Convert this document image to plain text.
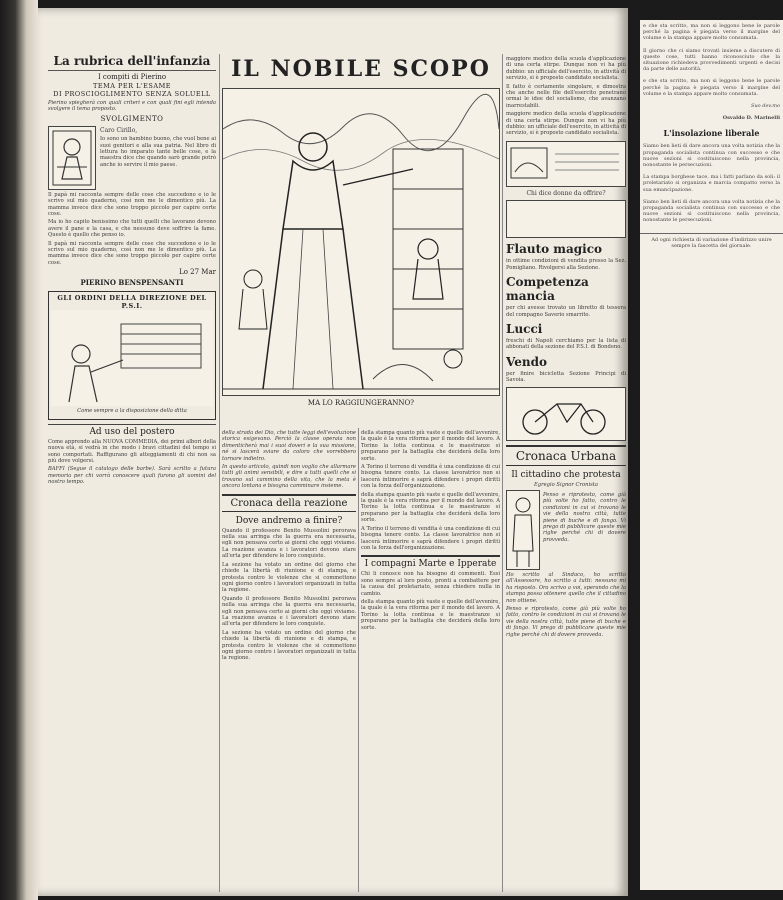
La rubrica dell'infanzia
I compiti di Pierino
TEMA PER L'ESAME
DI PROSCIOGLIMENTO SENZA SOLUELL

Pierino spiegherà con quali criteri e con quali fini egli intenda svolgere il tema proposto.

SVOLGIMENTO
Caro Cirillo,

Io sono un bambino buono, che vuol bene ai suoi genitori e alla sua patria. Nel libro di lettura ho imparato tante belle cose, e la maestra dice che quando sarò grande potrò anche io servire il mio paese.

Il papà mi racconta sempre delle cose che succedono e io le scrivo sul mio quaderno, così non me le dimentico più. La mamma invece dice che sono troppo piccolo per capire certe cose.

Ma io ho capito benissimo che tutti quelli che lavorano devono avere il pane e la casa, e che nessuno deve soffrire la fame. Questo è quello che penso io.

Il papà mi racconta sempre delle cose che succedono e io le scrivo sul mio quaderno, così non me le dimentico più. La mamma invece dice che sono troppo piccolo per capire certe cose.

Lo 27 Mar
PIERINO BENSPENSANTI
GLI ORDINI DELLA DIREZIONE DEL P.S.I.
Come sempre a la disposizione della ditta
Ad uso del postero

Come apprendo alla NUOVA COMMEDIA, dei primi albori della nuova età, si vedrà in che modo i bravi cittadini del tempo si sono comportati. Raffigurano gli atteggiamenti di chi non sa più dove volgersi.

BAFFI (Segue il catalogo delle barbe). Sarà scritto a futura memoria per chi vorrà conoscere quali furono gli uomini del nostro tempo.

IL NOBILE SCOPO
MA LO RAGGIUNGERANNO?

della strada dei Dio, che tutte leggi dell'evoluzione storica esigevano. Perciò la classe operaia non dimenticherà mai i suoi doveri e la sua missione, né si lascerà sviare da coloro che vorrebbero tornare indietro.

In questo articolo, quindi non voglio che allarmare tutti gli animi sensibili, e dire a tutti quelli che si trovano sul cammino della vita, che la meta è ancora lontana e bisogna camminare insieme.

Cronaca della reazione
Dove andremo a finire?

Quando il professore Benito Mussolini perorava nella sua arringa che la guerra era necessaria, egli non pensava certo ai giorni che oggi viviamo. La reazione avanza e i lavoratori devono stare all'erta per difendere le loro conquiste.

La sezione ha votato un ordine del giorno che chiede la libertà di riunione e di stampa, e protesta contro le violenze che si commettono ogni giorno contro i lavoratori organizzati in tutta la regione.

Quando il professore Benito Mussolini perorava nella sua arringa che la guerra era necessaria, egli non pensava certo ai giorni che oggi viviamo. La reazione avanza e i lavoratori devono stare all'erta per difendere le loro conquiste.

La sezione ha votato un ordine del giorno che chiede la libertà di riunione e di stampa, e protesta contro le violenze che si commettono ogni giorno contro i lavoratori organizzati in tutta la regione.

della stampa quanto più vaste e quelle dell'avvenire, la quale è la vera riforma per il mondo del lavoro. A Torino la lotta continua e le maestranze si preparano per la battaglia che deciderà della loro sorte.

A Torino il terreno di vendita è una condizione di cui bisogna tenere conto. La classe lavoratrice non si lascerà intimorire e saprà difendere i propri diritti con la forza dell'organizzazione.

della stampa quanto più vaste e quelle dell'avvenire, la quale è la vera riforma per il mondo del lavoro. A Torino la lotta continua e le maestranze si preparano per la battaglia che deciderà della loro sorte.

A Torino il terreno di vendita è una condizione di cui bisogna tenere conto. La classe lavoratrice non si lascerà intimorire e saprà difendere i propri diritti con la forza dell'organizzazione.

I compagni Marte e Ipperate

Chi li conosce non ha bisogno di commenti. Essi sono sempre al loro posto, pronti a combattere per la causa del proletariato, senza chiedere nulla in cambio.

della stampa quanto più vaste e quelle dell'avvenire, la quale è la vera riforma per il mondo del lavoro. A Torino la lotta continua e le maestranze si preparano per la battaglia che deciderà della loro sorte.

maggiore medico della scuola d'applicazione di una certa stirpe. Dunque non vi ha più dubbio: un ufficiale dell'esercito, in attività di servizio, si è proposto candidato socialista.

Il fatto è certamente singolare, e dimostra che anche nelle file dell'esercito penetrano ormai le idee del socialismo, che avanzano inarrestabili.

maggiore medico della scuola d'applicazione di una certa stirpe. Dunque non vi ha più dubbio: un ufficiale dell'esercito, in attività di servizio, si è proposto candidato socialista.

Chi dice donne da offrire?
Flauto magico

in ottime condizioni di vendita presso la Sez. Pomigliano. Rivolgersi alla Sezione.

Competenza mancia

per chi avesse trovato un libretto di tessera del compagno Saverio smarrito.

Lucci

freschi di Napoli cerchiamo per la lista di abbonati della sezione del P.S.I. di Bondeno.

Vendo

per finire bicicletta Sezione Principi di Savoia.

Cronaca Urbana
Il cittadino che protesta
Egregio Signor Cronista

Penso e riprotesto, come già più volte ho fatto, contro le condizioni in cui si trovano le vie della nostra città, tutte piene di buche e di fango. Vi prego di pubblicare queste mie righe perché chi di dovere provveda.

Ho scritto al Sindaco, ho scritto all'Assessore, ho scritto a tutti: nessuno mi ha risposto. Ora scrivo a voi, sperando che la stampa possa ottenere quello che il cittadino non ottiene.

Penso e riprotesto, come già più volte ho fatto, contro le condizioni in cui si trovano le vie della nostra città, tutte piene di buche e di fango. Vi prego di pubblicare queste mie righe perché chi di dovere provveda.

e che sta scritto, ma non si leggono bene le parole perché la pagina è piegata verso il margine del volume e la stampa appare molto consumata.
Il giorno che ci siamo trovati insieme a discutere di queste cose, tutti hanno riconosciuto che la situazione richiedeva provvedimenti urgenti e decisi da parte delle autorità.
e che sta scritto, ma non si leggono bene le parole perché la pagina è piegata verso il margine del volume e la stampa appare molto consumata.
Suo dev.mo
Osvaldo D. Marinelli
L'insolazione liberale
Siamo ben lieti di dare ancora una volta notizia che la propaganda socialista continua con successo e che nuove sezioni si costituiscono nella provincia, nonostante le persecuzioni.
La stampa borghese tace, ma i fatti parlano da soli: il proletariato si organizza e marcia compatto verso la sua emancipazione.
Siamo ben lieti di dare ancora una volta notizia che la propaganda socialista continua con successo e che nuove sezioni si costituiscono nella provincia, nonostante le persecuzioni.
Ad ogni richiesta di variazione d'indirizzo unire sempre la fascetta del giornale.
